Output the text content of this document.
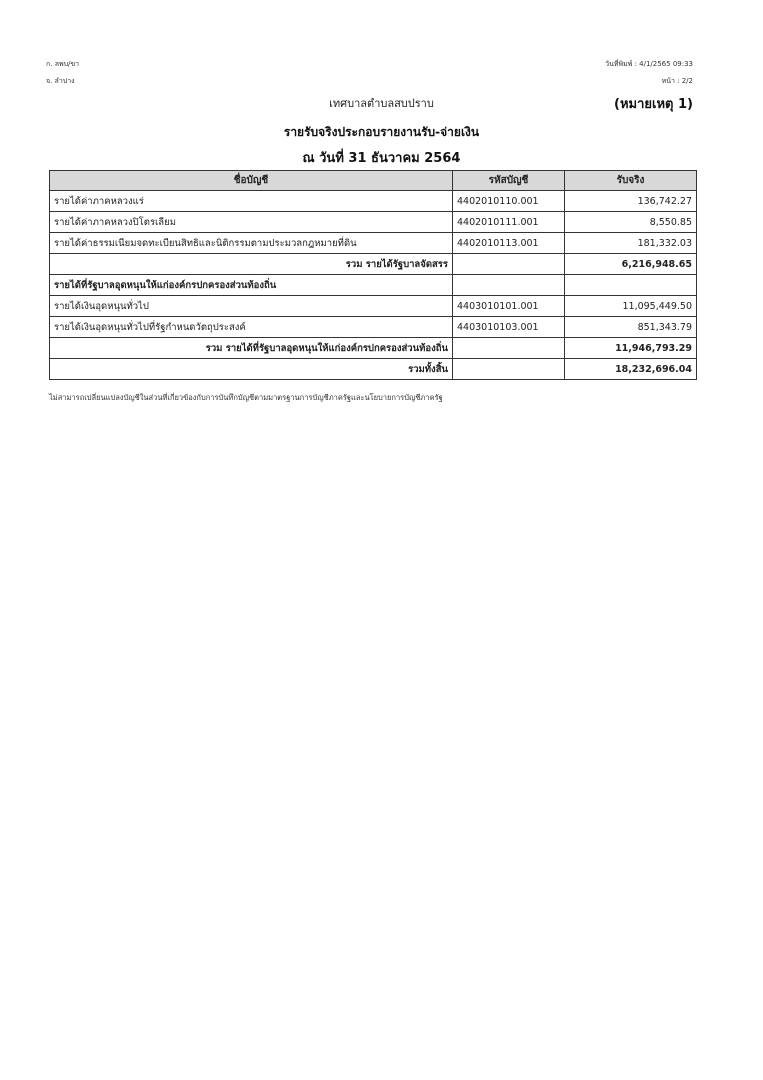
ก. ลพบ/ขา
จ. ลำปาง
วันที่พิมพ์ : 4/1/2565 09:33
หน้า : 2/2
เทศบาลตำบลสบปราบ	(หมายเหตุ 1)
รายรับจริงประกอบรายงานรับ-จ่ายเงิน
ณ วันที่ 31 ธันวาคม 2564
ชื่อบัญชี	รหัสบัญชี	รับจริง
รายได้ค่าภาคหลวงแร่	4402010110.001	136,742.27
รายได้ค่าภาคหลวงปิโตรเลียม	4402010111.001	8,550.85
รายได้ค่าธรรมเนียมจดทะเบียนสิทธิและนิติกรรมตามประมวลกฎหมายที่ดิน	4402010113.001	181,332.03
รวม รายได้รัฐบาลจัดสรร		6,216,948.65
รายได้ที่รัฐบาลอุดหนุนให้แก่องค์กรปกครองส่วนท้องถิ่น		
รายได้เงินอุดหนุนทั่วไป	4403010101.001	11,095,449.50
รายได้เงินอุดหนุนทั่วไปที่รัฐกำหนดวัตถุประสงค์	4403010103.001	851,343.79
รวม รายได้ที่รัฐบาลอุดหนุนให้แก่องค์กรปกครองส่วนท้องถิ่น		11,946,793.29
รวมทั้งสิ้น		18,232,696.04
ไม่สามารถเปลี่ยนแปลงบัญชีในส่วนที่เกี่ยวข้องกับการบันทึกบัญชีตามมาตรฐานการบัญชีภาครัฐและนโยบายการบัญชีภาครัฐ
